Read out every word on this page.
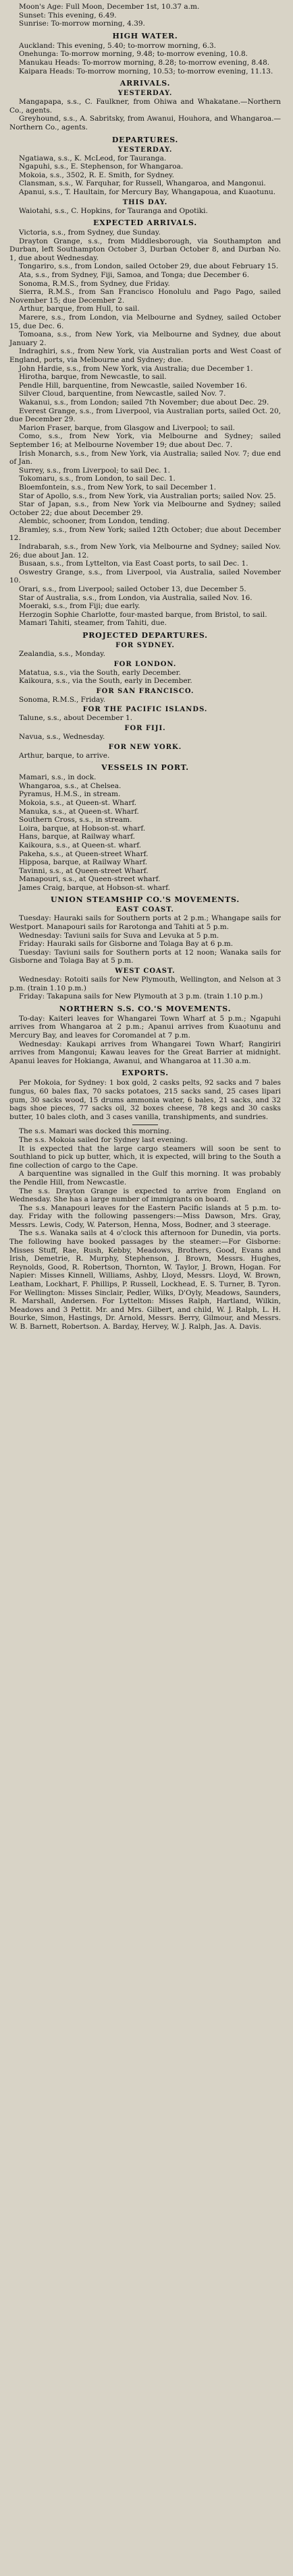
Moon's Age: Full Moon, December 1st, 10.37 a.m.

Sunset: This evening, 6.49.

Sunrise: To-morrow morning, 4.39.

HIGH WATER.

Auckland: This evening, 5.40; to-morrow morning, 6.3.

Onehunga: To-morrow morning, 9.48; to-morrow evening, 10.8.

Manukau Heads: To-morrow morning, 8.28; to-morrow evening, 8.48.

Kaipara Heads: To-morrow morning, 10.53; to-morrow evening, 11.13.

ARRIVALS.
YESTERDAY.

Mangapapa, s.s., C. Faulkner, from Ohiwa and Whakatane.—Northern Co., agents.

Greyhound, s.s., A. Sabritsky, from Awanui, Houhora, and Whangaroa.—Northern Co., agents.

DEPARTURES.
YESTERDAY.

Ngatiawa, s.s., K. McLeod, for Tauranga.

Ngapuhi, s.s., E. Stephenson, for Whangaroa.

Mokoia, s.s., 3502, R. E. Smith, for Sydney.

Clansman, s.s., W. Farquhar, for Russell, Whangaroa, and Mangonui.

Apanui, s.s., T. Haultain, for Mercury Bay, Whangapoua, and Kuaotunu.

THIS DAY.

Waiotahi, s.s., C. Hopkins, for Tauranga and Opotiki.

EXPECTED ARRIVALS.

Victoria, s.s., from Sydney, due Sunday.

Drayton Grange, s.s., from Middlesborough, via Southampton and Durban, left Southampton October 3, Durban October 8, and Durban No. 1, due about Wednesday.

Tongariro, s.s., from London, sailed October 29, due about February 15.

Ata, s.s., from Sydney, Fiji, Samoa, and Tonga; due December 6.

Sonoma, R.M.S., from Sydney, due Friday.

Sierra, R.M.S., from San Francisco Honolulu and Pago Pago, sailed November 15; due December 2.

Arthur, barque, from Hull, to sail.

Marere, s.s., from London, via Melbourne and Sydney, sailed October 15, due Dec. 6.

Tomoana, s.s., from New York, via Melbourne and Sydney, due about January 2.

Indraghiri, s.s., from New York, via Australian ports and West Coast of England, ports, via Melbourne and Sydney; due.

John Hardie, s.s., from New York, via Australia; due December 1.

Hirotha, barque, from Newcastle, to sail.

Pendle Hill, barquentine, from Newcastle, sailed November 16.

Silver Cloud, barquentine, from Newcastle, sailed Nov. 7.

Wakanui, s.s., from London; sailed 7th November; due about Dec. 29.

Everest Grange, s.s., from Liverpool, via Australian ports, sailed Oct. 20, due December 29.

Marion Fraser, barque, from Glasgow and Liverpool; to sail.

Como, s.s., from New York, via Melbourne and Sydney; sailed September 16; at Melbourne November 19; due about Dec. 7.

Irish Monarch, s.s., from New York, via Australia; sailed Nov. 7; due end of Jan.

Surrey, s.s., from Liverpool; to sail Dec. 1.

Tokomaru, s.s., from London, to sail Dec. 1.

Bloemfontein, s.s., from New York, to sail December 1.

Star of Apollo, s.s., from New York, via Australian ports; sailed Nov. 25.

Star of Japan, s.s., from New York via Melbourne and Sydney; sailed October 22; due about December 29.

Alembic, schooner, from London, tending.

Bramley, s.s., from New York; sailed 12th October; due about December 12.

Indrabarah, s.s., from New York, via Melbourne and Sydney; sailed Nov. 26; due about Jan. 12.

Busaan, s.s., from Lyttelton, via East Coast ports, to sail Dec. 1.

Oswestry Grange, s.s., from Liverpool, via Australia, sailed November 10.

Orari, s.s., from Liverpool; sailed October 13, due December 5.

Star of Australia, s.s., from London, via Australia, sailed Nov. 16.

Moeraki, s.s., from Fiji; due early.

Herzogin Sophie Charlotte, four-masted barque, from Bristol, to sail.

Mamari Tahiti, steamer, from Tahiti, due.

PROJECTED DEPARTURES.
FOR SYDNEY.

Zealandia, s.s., Monday.

FOR LONDON.

Matatua, s.s., via the South, early December.

Kaikoura, s.s., via the South, early in December.

FOR SAN FRANCISCO.

Sonoma, R.M.S., Friday.

FOR THE PACIFIC ISLANDS.

Talune, s.s., about December 1.

FOR FIJI.

Navua, s.s., Wednesday.

FOR NEW YORK.

Arthur, barque, to arrive.

VESSELS IN PORT.

Mamari, s.s., in dock.

Whangaroa, s.s., at Chelsea.

Pyramus, H.M.S., in stream.

Mokoia, s.s., at Queen-st. Wharf.

Manuka, s.s., at Queen-st. Wharf.

Southern Cross, s.s., in stream.

Loira, barque, at Hobson-st. wharf.

Hans, barque, at Railway wharf.

Kaikoura, s.s., at Queen-st. wharf.

Pakeha, s.s., at Queen-street Wharf.

Hipposa, barque, at Railway Wharf.

Tavinni, s.s., at Queen-street Wharf.

Manapouri, s.s., at Queen-street wharf.

James Craig, barque, at Hobson-st. wharf.

UNION STEAMSHIP CO.'S MOVEMENTS.
EAST COAST.

Tuesday: Hauraki sails for Southern ports at 2 p.m.; Whangape sails for Westport. Manapouri sails for Rarotonga and Tahiti at 5 p.m.

Wednesday: Taviuni sails for Suva and Levuka at 5 p.m.

Friday: Hauraki sails for Gisborne and Tolaga Bay at 6 p.m.

Tuesday: Taviuni sails for Southern ports at 12 noon; Wanaka sails for Gisborne and Tolaga Bay at 5 p.m.

WEST COAST.

Wednesday: Rotoiti sails for New Plymouth, Wellington, and Nelson at 3 p.m. (train 1.10 p.m.)

Friday: Takapuna sails for New Plymouth at 3 p.m. (train 1.10 p.m.)

NORTHERN S.S. CO.'S MOVEMENTS.

To-day: Kaiteri leaves for Whangarei Town Wharf at 5 p.m.; Ngapuhi arrives from Whangaroa at 2 p.m.; Apanui arrives from Kuaotunu and Mercury Bay, and leaves for Coromandel at 7 p.m.

Wednesday: Kaukapi arrives from Whangarei Town Wharf; Rangiriri arrives from Mangonui; Kawau leaves for the Great Barrier at midnight. Apanui leaves for Hokianga, Awanui, and Whangaroa at 11.30 a.m.

EXPORTS.

Per Mokoia, for Sydney: 1 box gold, 2 casks pelts, 92 sacks and 7 bales fungus, 60 bales flax, 70 sacks potatoes, 215 sacks sand, 25 cases lipari gum, 30 sacks wood, 15 drums ammonia water, 6 bales, 21 sacks, and 32 bags shoe pieces, 77 sacks oil, 32 boxes cheese, 78 kegs and 30 casks butter, 10 bales cloth, and 3 cases vanilla, transhipments, and sundries.

The s.s. Mamari was docked this morning.

The s.s. Mokoia sailed for Sydney last evening.

It is expected that the large cargo steamers will soon be sent to Southland to pick up butter, which, it is expected, will bring to the South a fine collection of cargo to the Cape.

A barquentine was signalled in the Gulf this morning. It was probably the Pendle Hill, from Newcastle.

The s.s. Drayton Grange is expected to arrive from England on Wednesday. She has a large number of immigrants on board.

The s.s. Manapouri leaves for the Eastern Pacific islands at 5 p.m. to-day. Friday with the following passengers:—Miss Dawson, Mrs. Gray, Messrs. Lewis, Cody, W. Paterson, Henna, Moss, Bodner, and 3 steerage.

The s.s. Wanaka sails at 4 o'clock this afternoon for Dunedin, via ports. The following have booked passages by the steamer:—For Gisborne: Misses Stuff, Rae, Rush, Kebby, Meadows, Brothers, Good, Evans and Irish, Demetrie, R. Murphy, Stephenson, J. Brown, Messrs. Hughes, Reynolds, Good, R. Robertson, Thornton, W. Taylor, J. Brown, Hogan. For Napier: Misses Kinnell, Williams, Ashby, Lloyd, Messrs. Lloyd, W. Brown, Leatham, Lockhart, F. Phillips, P. Russell, Lockhead, E. S. Turner, B. Tyron. For Wellington: Misses Sinclair, Pedler, Wilks, D'Oyly, Meadows, Saunders, R. Marshall, Andersen. For Lyttelton: Misses Ralph, Hartland, Wilkin, Meadows and 3 Pettit. Mr. and Mrs. Gilbert, and child, W. J. Ralph, L. H. Bourke, Simon, Hastings, Dr. Arnold, Messrs. Berry, Gilmour, and Messrs. W. B. Barnett, Robertson. A. Barday, Hervey, W. J. Ralph, Jas. A. Davis.
